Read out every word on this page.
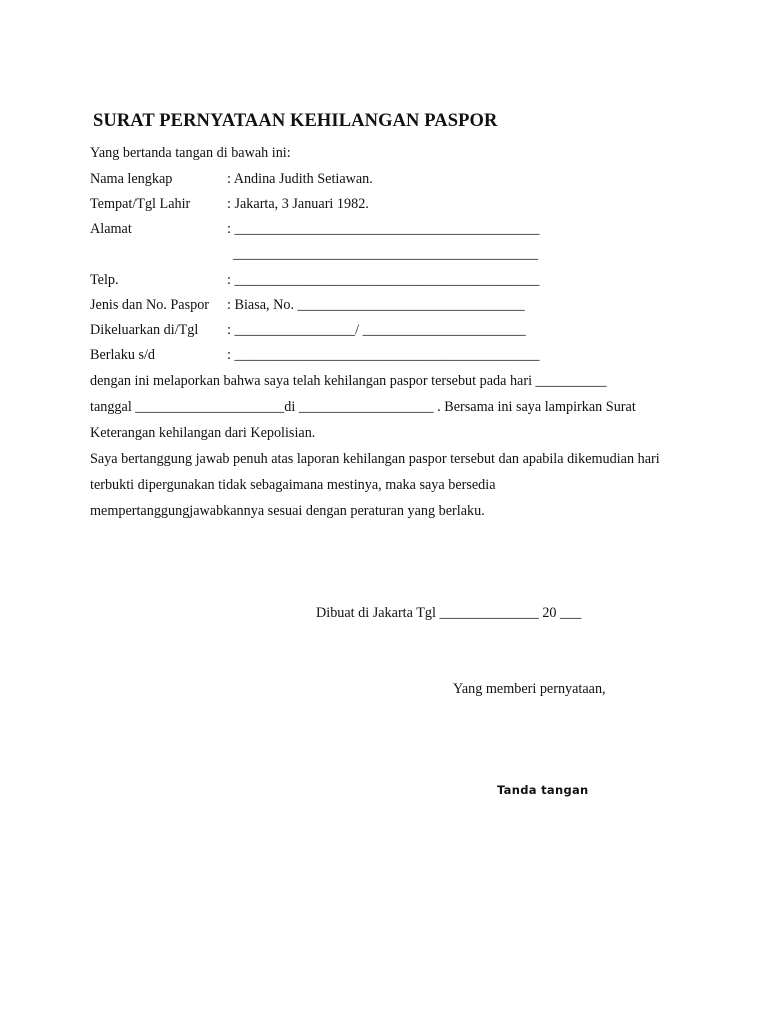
SURAT PERNYATAAN KEHILANGAN PASPOR
Yang bertanda tangan di bawah ini:
Nama lengkap	: Andina Judith Setiawan.
Tempat/Tgl Lahir	: Jakarta, 3 Januari 1982.
Alamat	: ___________________________________________
___________________________________________
Telp.	: ___________________________________________
Jenis dan No. Paspor : Biasa, No. ________________________________
Dikeluarkan di/Tgl : _________________/ _______________________
Berlaku s/d	: ___________________________________________
dengan ini melaporkan bahwa saya telah kehilangan paspor tersebut pada hari __________
tanggal _____________________di ___________________ . Bersama ini saya lampirkan Surat
Keterangan kehilangan dari Kepolisian.
Saya bertanggung jawab penuh atas laporan kehilangan paspor tersebut dan apabila dikemudian hari
terbukti dipergunakan tidak sebagaimana mestinya, maka saya bersedia
mempertanggungjawabkannya sesuai dengan peraturan yang berlaku.
Dibuat di Jakarta Tgl ______________ 20 ___
Yang memberi pernyataan,
Tanda tangan
